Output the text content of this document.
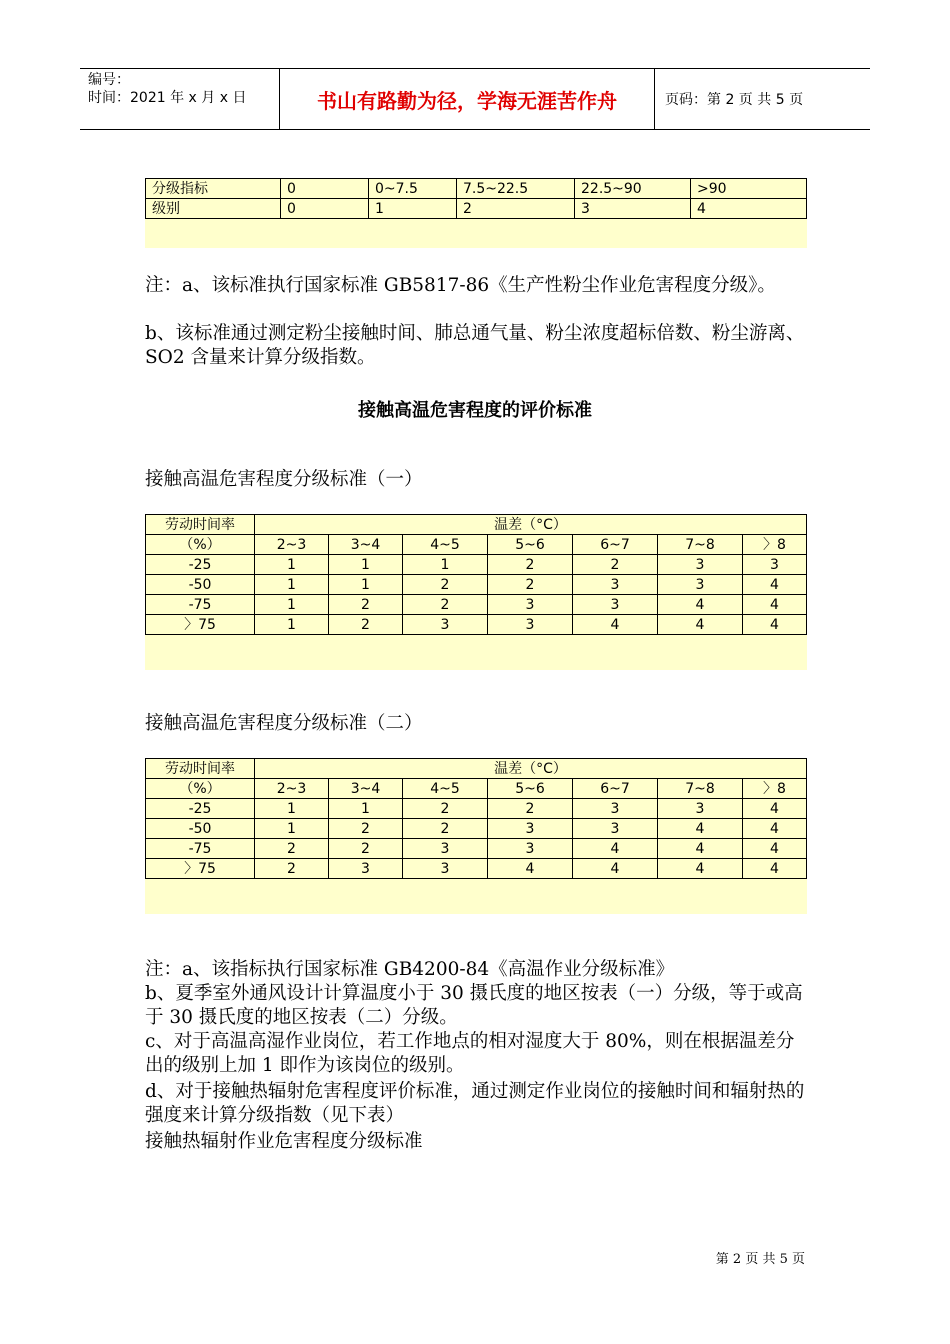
编号：
时间：2021 年 x 月 x 日	书山有路勤为径，学海无涯苦作舟	页码：第 2 页 共 5 页
分级指标	0	0~7.5	7.5~22.5	22.5~90	>90
级别	0	1	2	3	4
注：a、该标准执行国家标准 GB5817-86《生产性粉尘作业危害程度分级》。
b、该标准通过测定粉尘接触时间、肺总通气量、粉尘浓度超标倍数、粉尘游离、SO2 含量来计算分级指数。
接触高温危害程度的评价标准
接触高温危害程度分级标准（一）
劳动时间率	温差（°C）						
（%）	2~3	3~4	4~5	5~6	6~7	7~8	〉8
-25	1	1	1	2	2	3	3
-50	1	1	2	2	3	3	4
-75	1	2	2	3	3	4	4
〉75	1	2	3	3	4	4	4
接触高温危害程度分级标准（二）
劳动时间率	温差（°C）						
（%）	2~3	3~4	4~5	5~6	6~7	7~8	〉8
-25	1	1	2	2	3	3	4
-50	1	2	2	3	3	4	4
-75	2	2	3	3	4	4	4
〉75	2	3	3	4	4	4	4
注：a、该指标执行国家标准 GB4200-84《高温作业分级标准》
b、夏季室外通风设计计算温度小于 30 摄氏度的地区按表（一）分级，等于或高于 30 摄氏度的地区按表（二）分级。
c、对于高温高湿作业岗位，若工作地点的相对湿度大于 80%，则在根据温差分出的级别上加 1 即作为该岗位的级别。
d、对于接触热辐射危害程度评价标准，通过测定作业岗位的接触时间和辐射热的强度来计算分级指数（见下表）
接触热辐射作业危害程度分级标准
第 2 页 共 5 页
